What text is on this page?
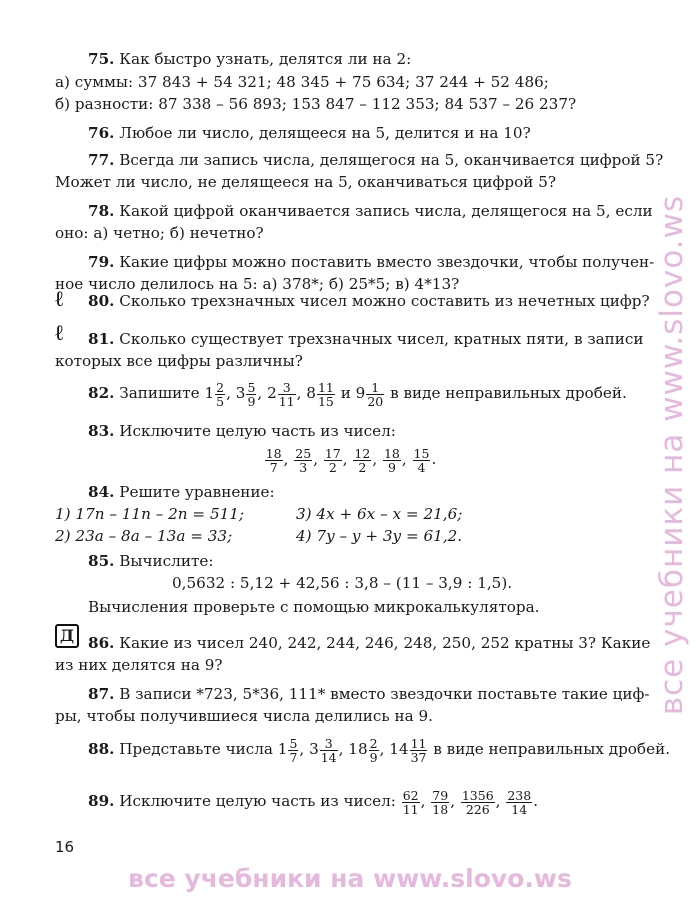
75. Как быстро узнать, делятся ли на 2:
а) суммы: 37 843 + 54 321; 48 345 + 75 634; 37 244 + 52 486;
б) разности: 87 338 – 56 893; 153 847 – 112 353; 84 537 – 26 237?
76. Любое ли число, делящееся на 5, делится и на 10?
77. Всегда ли запись числа, делящегося на 5, оканчивается цифрой 5?
Может ли число, не делящееся на 5, оканчиваться цифрой 5?
78. Какой цифрой оканчивается запись числа, делящегося на 5, если
оно: а) четно; б) нечетно?
79. Какие цифры можно поставить вместо звездочки, чтобы получен-
ное число делилось на 5: а) 378*; б) 25*5; в) 4*13?
ℓ	80. Сколько трехзначных чисел можно составить из нечетных цифр?
ℓ	81. Сколько существует трехзначных чисел, кратных пяти, в записи
которых все цифры различны?
82. Запишите $1 \frac{2}{5}$ , $3 \frac{5}{9}$ , $2 \frac{3}{11}$ , $8 \frac{11}{15}$ и $9 \frac{1}{20}$ в виде неправильных дробей.
83. Исключите целую часть из чисел:
$\frac{18}{7}$ , $\frac{25}{3}$ , $\frac{17}{2}$ , $\frac{12}{2}$ , $\frac{18}{9}$ , $\frac{15}{4}$ .
84. Решите уравнение:
1) 17n – 11n – 2n = 511;	3) 4x + 6x – x = 21,6;
2) 23a – 8a – 13a = 33;	4) 7y – y + 3y = 61,2.
85. Вычислите:
0,5632 : 5,12 + 42,56 : 3,8 – (11 – 3,9 : 1,5).
Вычисления проверьте с помощью микрокалькулятора.
Д 86. Какие из чисел 240, 242, 244, 246, 248, 250, 252 кратны 3? Какие
из них делятся на 9?
87. В записи *723, 5*36, 111* вместо звездочки поставьте такие циф-
ры, чтобы получившиеся числа делились на 9.
88. Представьте числа $1 \frac{5}{7}$ , $3 \frac{3}{14}$ , $18 \frac{2}{9}$ , $14 \frac{11}{37}$ в виде неправильных дробей.
89. Исключите целую часть из чисел: $\frac{62}{11}$ , $\frac{79}{18}$ , $\frac{1356}{226}$ , $\frac{238}{14}$ .
16
все учебники на www.slovo.ws
все учебники на www.slovo.ws
